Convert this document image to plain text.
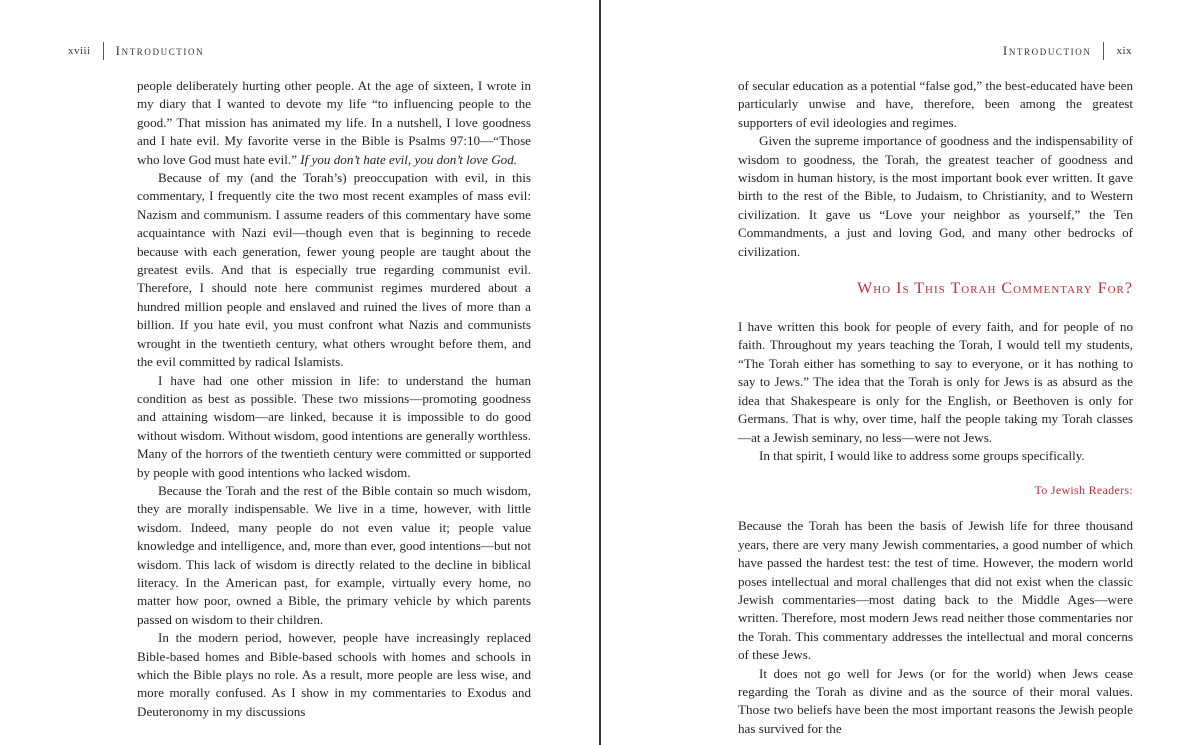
xviii Introduction

people deliberately hurting other people. At the age of sixteen, I wrote in my diary that I wanted to devote my life “to influencing people to the good.” That mission has animated my life. In a nutshell, I love goodness and I hate evil. My favorite verse in the Bible is Psalms 97:10—“Those who love God must hate evil.” If you don’t hate evil, you don’t love God.

Because of my (and the Torah’s) preoccupation with evil, in this commentary, I frequently cite the two most recent examples of mass evil: Nazism and communism. I assume readers of this commentary have some acquaintance with Nazi evil—though even that is beginning to recede because with each generation, fewer young people are taught about the greatest evils. And that is especially true regarding communist evil. Therefore, I should note here communist regimes murdered about a hundred million people and enslaved and ruined the lives of more than a billion. If you hate evil, you must confront what Nazis and communists wrought in the twentieth century, what others wrought before them, and the evil committed by radical Islamists.

I have had one other mission in life: to understand the human condition as best as possible. These two missions—promoting goodness and attaining wisdom—are linked, because it is impossible to do good without wisdom. Without wisdom, good intentions are generally worthless. Many of the horrors of the twentieth century were committed or supported by people with good intentions who lacked wisdom.

Because the Torah and the rest of the Bible contain so much wisdom, they are morally indispensable. We live in a time, however, with little wisdom. Indeed, many people do not even value it; people value knowledge and intelligence, and, more than ever, good intentions—but not wisdom. This lack of wisdom is directly related to the decline in biblical literacy. In the American past, for example, virtually every home, no matter how poor, owned a Bible, the primary vehicle by which parents passed on wisdom to their children.

In the modern period, however, people have increasingly replaced Bible-based homes and Bible-based schools with homes and schools in which the Bible plays no role. As a result, more people are less wise, and more morally confused. As I show in my commentaries to Exodus and Deuteronomy in my discussions

Introduction xix

of secular education as a potential “false god,” the best-educated have been particularly unwise and have, therefore, been among the greatest supporters of evil ideologies and regimes.

Given the supreme importance of goodness and the indispensability of wisdom to goodness, the Torah, the greatest teacher of goodness and wisdom in human history, is the most important book ever written. It gave birth to the rest of the Bible, to Judaism, to Christianity, and to Western civilization. It gave us “Love your neighbor as yourself,” the Ten Commandments, a just and loving God, and many other bedrocks of civilization.

Who Is This Torah Commentary For?

I have written this book for people of every faith, and for people of no faith. Throughout my years teaching the Torah, I would tell my students, “The Torah either has something to say to everyone, or it has nothing to say to Jews.” The idea that the Torah is only for Jews is as absurd as the idea that Shakespeare is only for the English, or Beethoven is only for Germans. That is why, over time, half the people taking my Torah classes—at a Jewish seminary, no less—were not Jews.

In that spirit, I would like to address some groups specifically.

To Jewish Readers:

Because the Torah has been the basis of Jewish life for three thousand years, there are very many Jewish commentaries, a good number of which have passed the hardest test: the test of time. However, the modern world poses intellectual and moral challenges that did not exist when the classic Jewish commentaries—most dating back to the Middle Ages—were written. Therefore, most modern Jews read neither those commentaries nor the Torah. This commentary addresses the intellectual and moral concerns of these Jews.

It does not go well for Jews (or for the world) when Jews cease regarding the Torah as divine and as the source of their moral values. Those two beliefs have been the most important reasons the Jewish people has survived for the
